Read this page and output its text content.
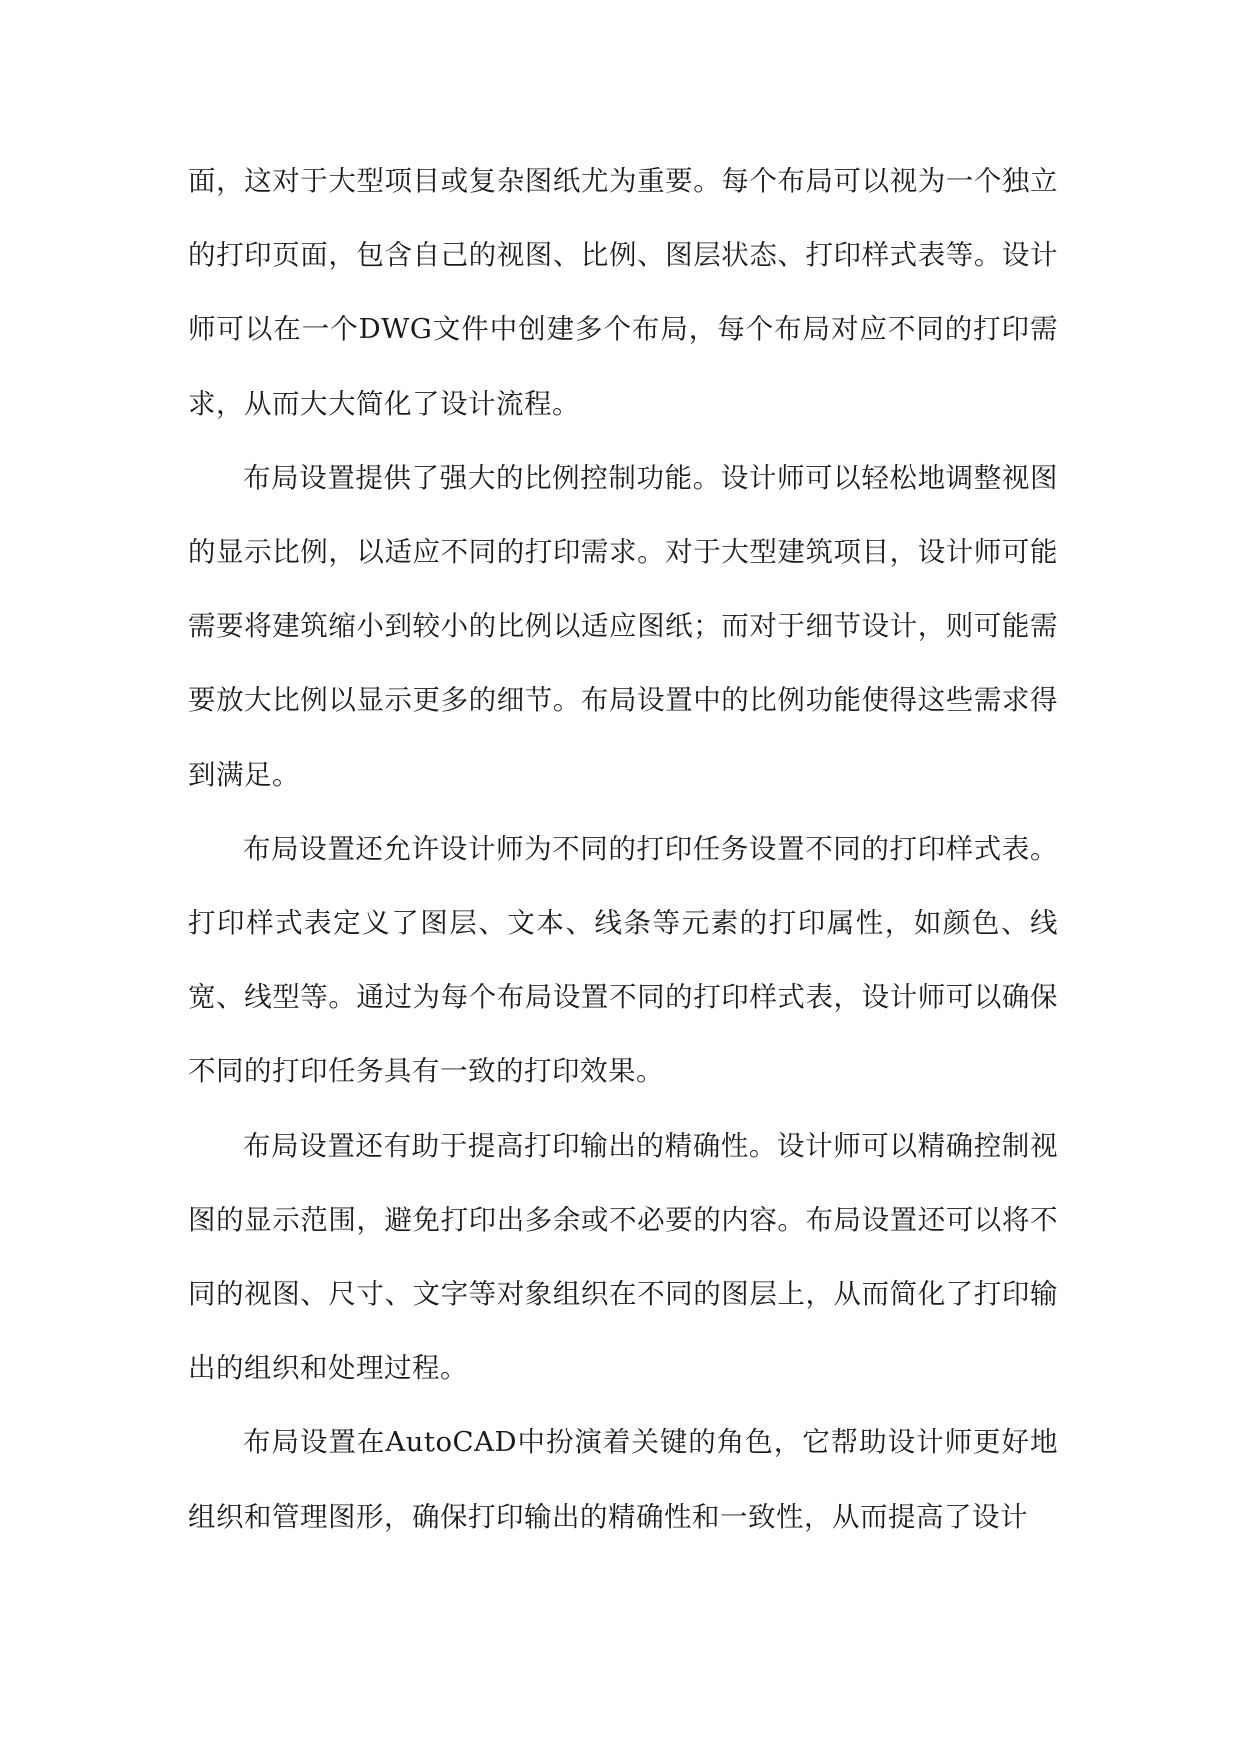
面，这对于大型项目或复杂图纸尤为重要。每个布局可以视为一个独立的打印页面，包含自己的视图、比例、图层状态、打印样式表等。设计师可以在一个DWG文件中创建多个布局，每个布局对应不同的打印需求，从而大大简化了设计流程。

布局设置提供了强大的比例控制功能。设计师可以轻松地调整视图的显示比例，以适应不同的打印需求。对于大型建筑项目，设计师可能需要将建筑缩小到较小的比例以适应图纸；而对于细节设计，则可能需要放大比例以显示更多的细节。布局设置中的比例功能使得这些需求得到满足。

布局设置还允许设计师为不同的打印任务设置不同的打印样式表。打印样式表定义了图层、文本、线条等元素的打印属性，如颜色、线宽、线型等。通过为每个布局设置不同的打印样式表，设计师可以确保不同的打印任务具有一致的打印效果。

布局设置还有助于提高打印输出的精确性。设计师可以精确控制视图的显示范围，避免打印出多余或不必要的内容。布局设置还可以将不同的视图、尺寸、文字等对象组织在不同的图层上，从而简化了打印输出的组织和处理过程。

布局设置在AutoCAD中扮演着关键的角色，它帮助设计师更好地组织和管理图形，确保打印输出的精确性和一致性，从而提高了设计
